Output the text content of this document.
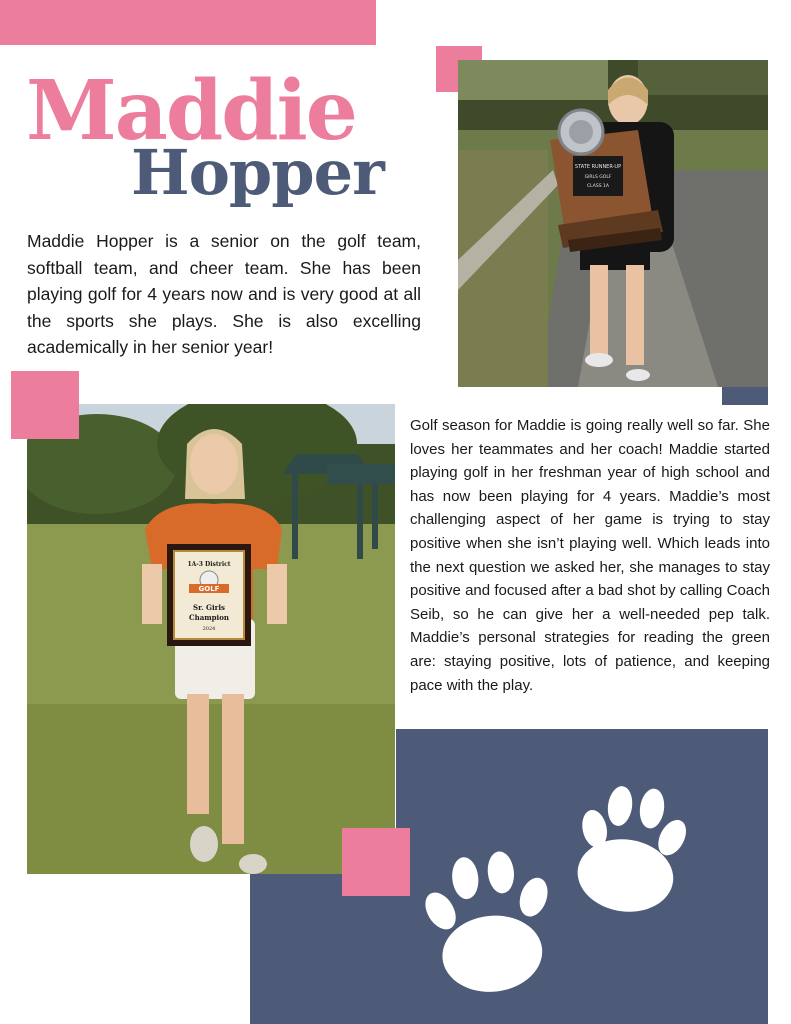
Maddie
Hopper
Maddie Hopper is a senior on the golf team, softball team, and cheer team. She has been playing golf for 4 years now and is very good at all the sports she plays. She is also excelling academically in her senior year!
Golf season for Maddie is going really well so far. She loves her teammates and her coach! Maddie started playing golf in her freshman year of high school and has now been playing for 4 years. Maddie’s most challenging aspect of her game is trying to stay positive when she isn’t playing well. Which leads into the next question we asked her, she manages to stay positive and focused after a bad shot by calling Coach Seib, so he can give her a well-needed pep talk. Maddie’s personal strategies for reading the green are: staying positive, lots of patience, and keeping pace with the play.
STATE RUNNER-UP
GIRLS GOLF
CLASS 1A
1A-3 District
GOLF
Sr. Girls
Champion
2024
